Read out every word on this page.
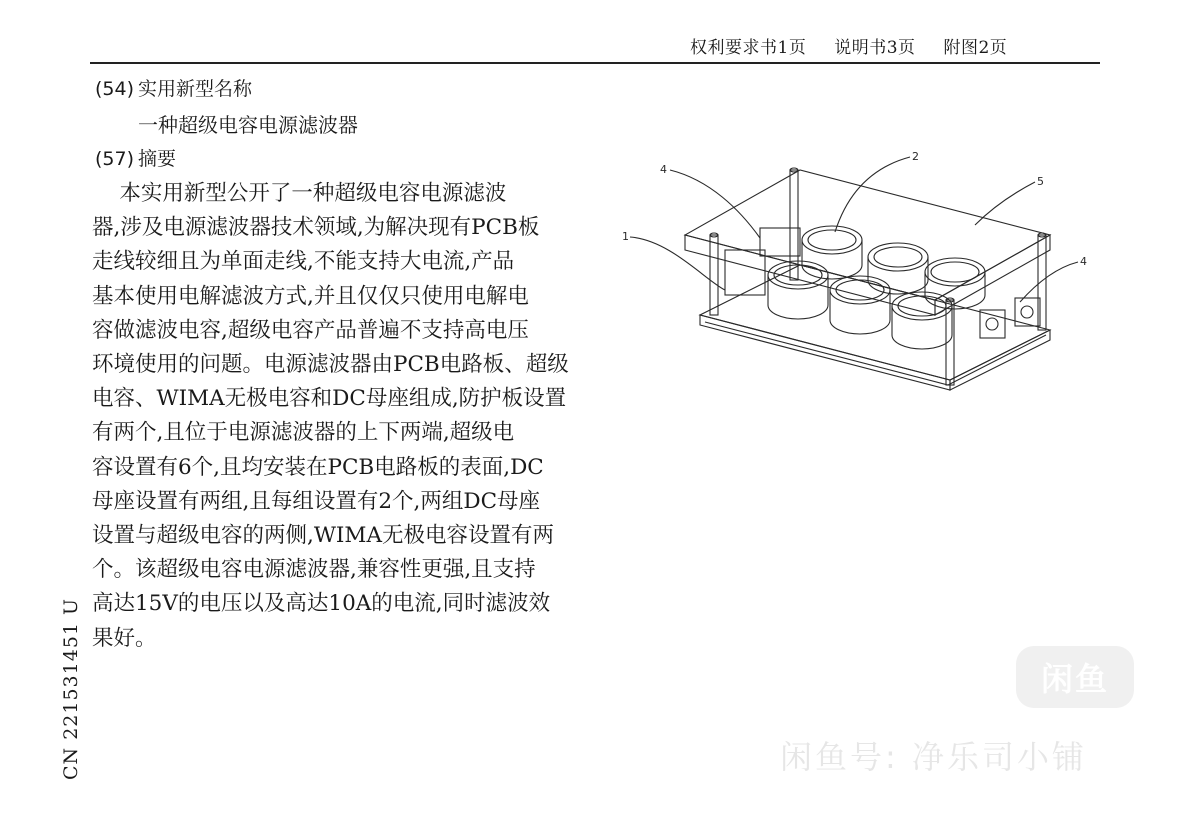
权利要求书1页 说明书3页 附图2页
(54) 实用新型名称
一种超级电容电源滤波器
(57) 摘要
本实用新型公开了一种超级电容电源滤波
器,涉及电源滤波器技术领域,为解决现有PCB板
走线较细且为单面走线,不能支持大电流,产品
基本使用电解滤波方式,并且仅仅只使用电解电
容做滤波电容,超级电容产品普遍不支持高电压
环境使用的问题。电源滤波器由PCB电路板、超级
电容、WIMA无极电容和DC母座组成,防护板设置
有两个,且位于电源滤波器的上下两端,超级电
容设置有6个,且均安装在PCB电路板的表面,DC
母座设置有两组,且每组设置有2个,两组DC母座
设置与超级电容的两侧,WIMA无极电容设置有两
个。该超级电容电源滤波器,兼容性更强,且支持
高达15V的电压以及高达10A的电流,同时滤波效
果好。
CN 221531451 U
1
2
4
4
5
闲鱼
闲鱼号: 净乐司小铺
